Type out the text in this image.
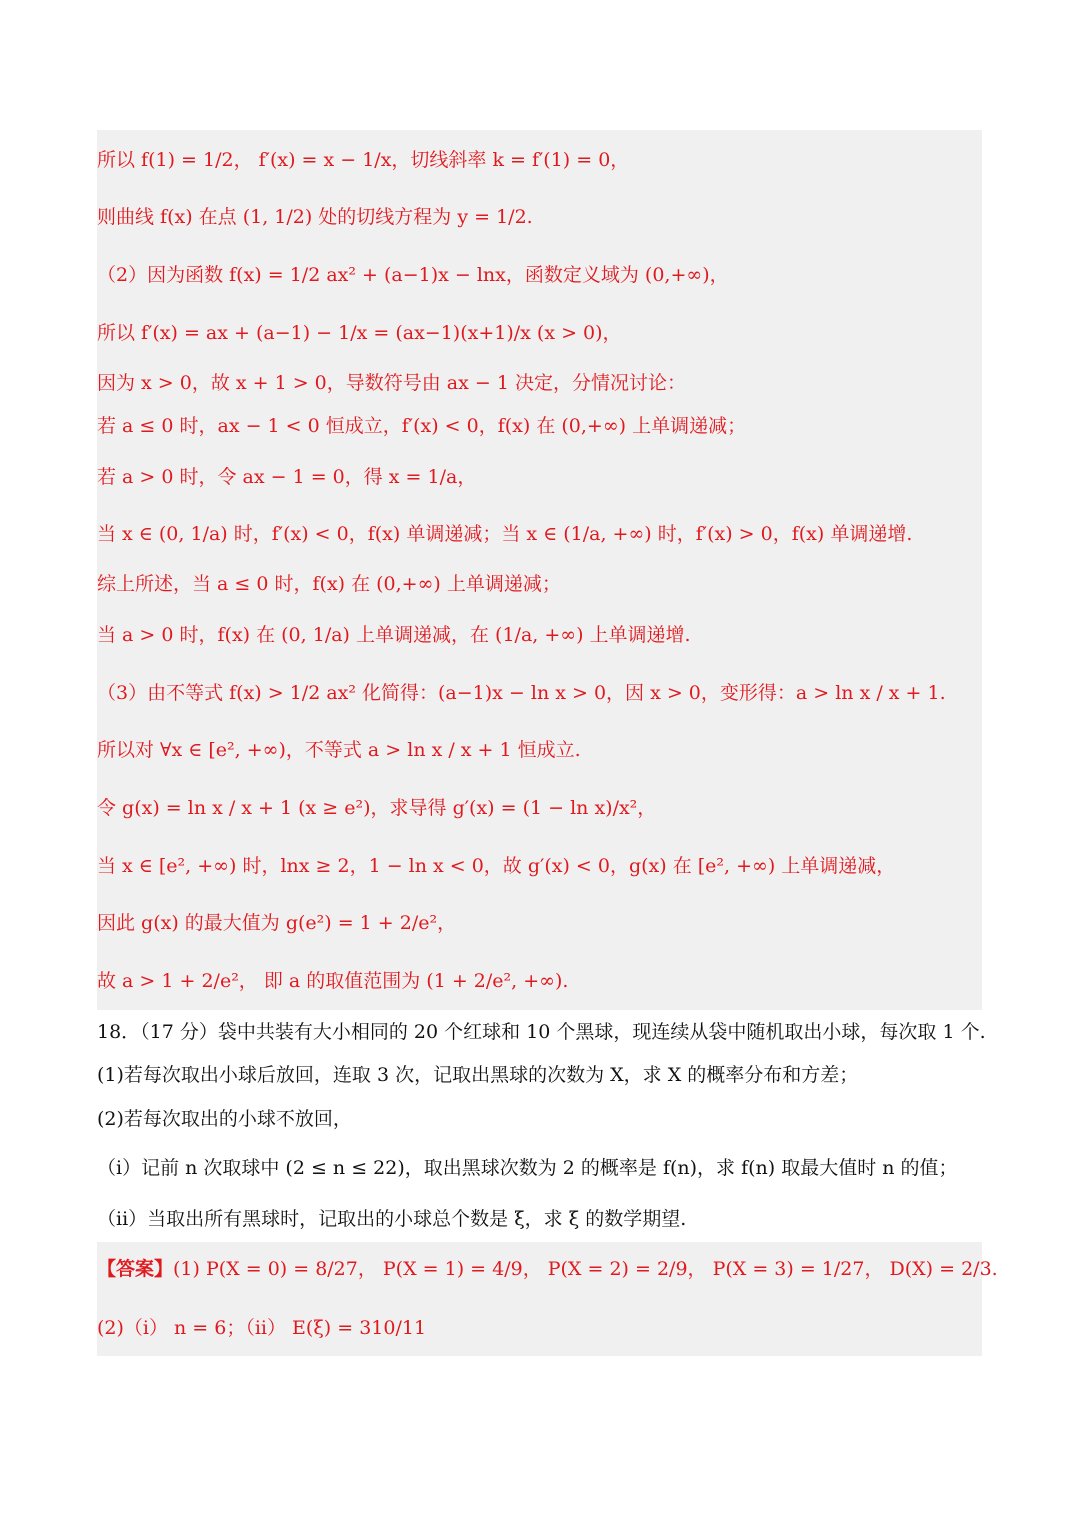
所以 f(1) = 1/2， f′(x) = x − 1/x，切线斜率 k = f′(1) = 0，
则曲线 f(x) 在点 (1, 1/2) 处的切线方程为 y = 1/2.
（2）因为函数 f(x) = 1/2 ax² + (a−1)x − lnx，函数定义域为 (0,+∞)，
所以 f′(x) = ax + (a−1) − 1/x = (ax−1)(x+1)/x (x > 0)，
因为 x > 0，故 x + 1 > 0，导数符号由 ax − 1 决定，分情况讨论：
若 a ≤ 0 时，ax − 1 < 0 恒成立，f′(x) < 0，f(x) 在 (0,+∞) 上单调递减；
若 a > 0 时，令 ax − 1 = 0，得 x = 1/a，
当 x ∈ (0, 1/a) 时，f′(x) < 0，f(x) 单调递减；当 x ∈ (1/a, +∞) 时，f′(x) > 0，f(x) 单调递增.
综上所述，当 a ≤ 0 时，f(x) 在 (0,+∞) 上单调递减；
当 a > 0 时，f(x) 在 (0, 1/a) 上单调递减，在 (1/a, +∞) 上单调递增.
（3）由不等式 f(x) > 1/2 ax² 化简得：(a−1)x − ln x > 0，因 x > 0，变形得：a > ln x / x + 1.
所以对 ∀x ∈ [e², +∞)，不等式 a > ln x / x + 1 恒成立.
令 g(x) = ln x / x + 1 (x ≥ e²)，求导得 g′(x) = (1 − ln x)/x²，
当 x ∈ [e², +∞) 时，lnx ≥ 2，1 − ln x < 0，故 g′(x) < 0，g(x) 在 [e², +∞) 上单调递减，
因此 g(x) 的最大值为 g(e²) = 1 + 2/e²，
故 a > 1 + 2/e²， 即 a 的取值范围为 (1 + 2/e², +∞).
18．（17 分）袋中共装有大小相同的 20 个红球和 10 个黑球，现连续从袋中随机取出小球，每次取 1 个.
(1)若每次取出小球后放回，连取 3 次，记取出黑球的次数为 X，求 X 的概率分布和方差；
(2)若每次取出的小球不放回，
（i）记前 n 次取球中 (2 ≤ n ≤ 22)，取出黑球次数为 2 的概率是 f(n)，求 f(n) 取最大值时 n 的值；
（ii）当取出所有黑球时，记取出的小球总个数是 ξ，求 ξ 的数学期望.
【答案】(1) P(X = 0) = 8/27， P(X = 1) = 4/9， P(X = 2) = 2/9， P(X = 3) = 1/27， D(X) = 2/3.
(2)（i） n = 6；（ii） E(ξ) = 310/11
